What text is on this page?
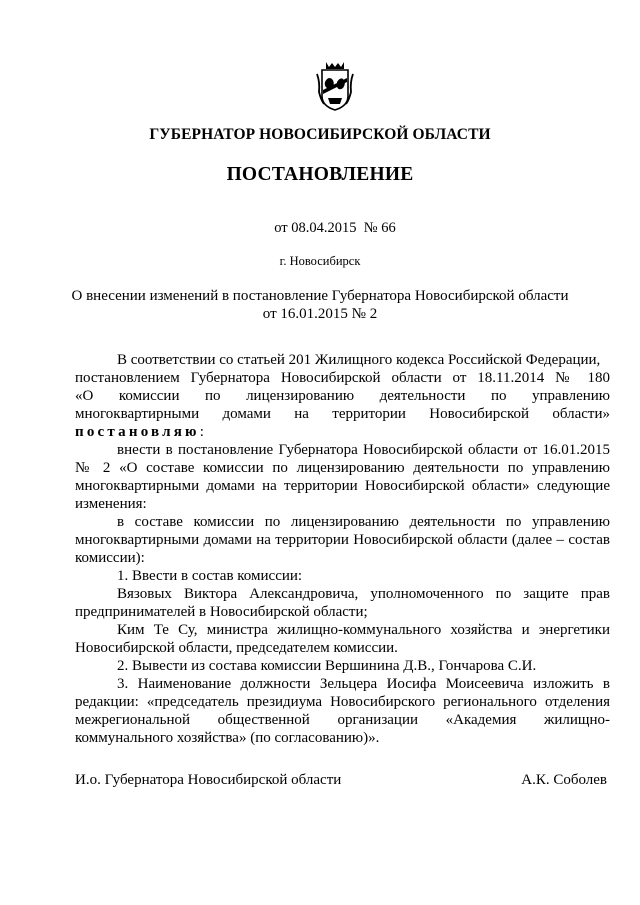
ГУБЕРНАТОР НОВОСИБИРСКОЙ ОБЛАСТИ
ПОСТАНОВЛЕНИЕ
от 08.04.2015  № 66
г. Новосибирск
О внесении изменений в постановление Губернатора Новосибирской области
от 16.01.2015 № 2

В соответствии со статьей 201 Жилищного кодекса Российской Федерации,

постановлением Губернатора Новосибирской области от 18.11.2014 № 180

«О комиссии по лицензированию деятельности по управлению

многоквартирными домами на территории Новосибирской области»

постановляю:

внести в постановление Губернатора Новосибирской области от 16.01.2015 № 2 «О составе комиссии по лицензированию деятельности по управлению многоквартирными домами на территории Новосибирской области» следующие изменения:

в составе комиссии по лицензированию деятельности по управлению многоквартирными домами на территории Новосибирской области (далее – состав комиссии):

1. Ввести в состав комиссии:

Вязовых Виктора Александровича, уполномоченного по защите прав предпринимателей в Новосибирской области;

Ким Те Су, министра жилищно-коммунального хозяйства и энергетики Новосибирской области, председателем комиссии.

2. Вывести из состава комиссии Вершинина Д.В., Гончарова С.И.

3. Наименование должности Зельцера Иосифа Моисеевича изложить в редакции: «председатель президиума Новосибирского регионального отделения межрегиональной общественной организации «Академия жилищно-коммунального хозяйства» (по согласованию)».

И.о. Губернатора Новосибирской области	А.К. Соболев
